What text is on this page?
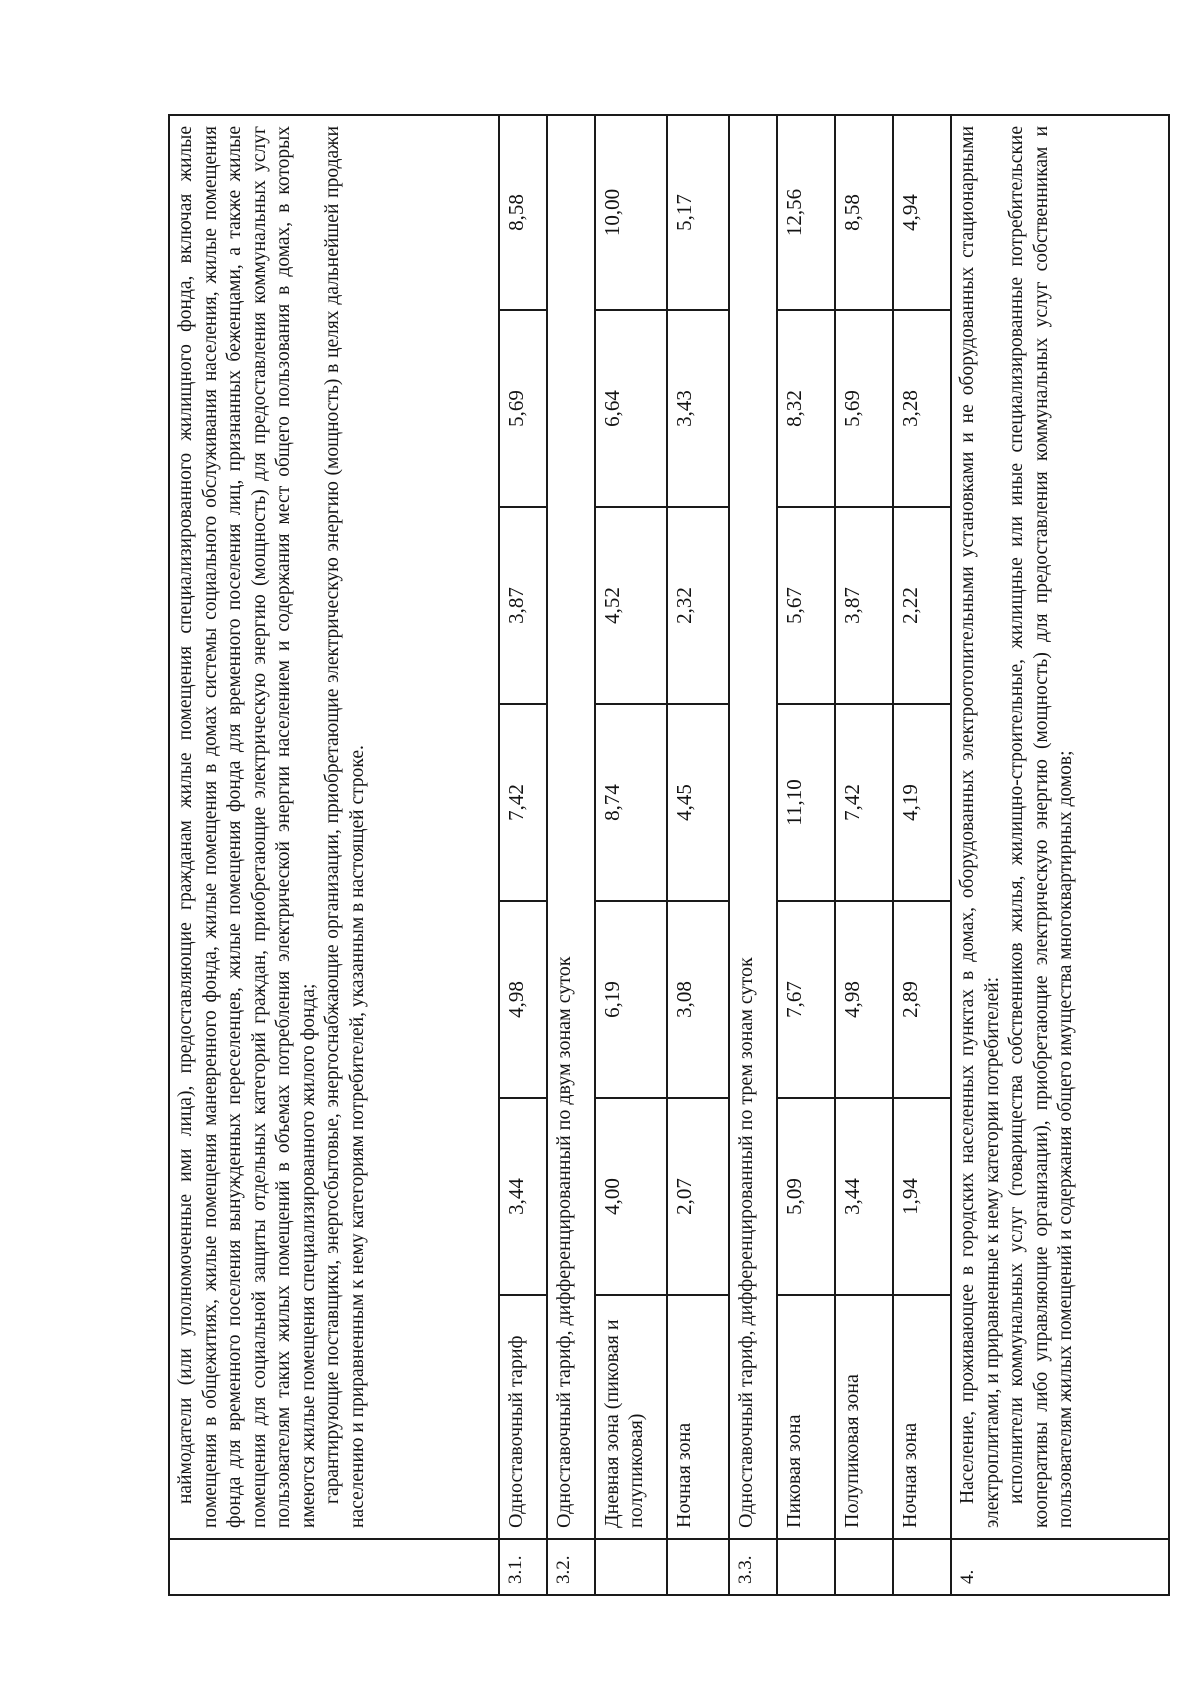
	наймодатели (или уполномоченные ими лица), предоставляющие гражданам жилые помещения специализированного жилищного фонда, включая жилые помещения в общежитиях, жилые помещения маневренного фонда, жилые помещения в домах системы социального обслуживания населения, жилые помещения фонда для временного поселения вынужденных переселенцев, жилые помещения фонда для временного поселения лиц, признанных беженцами, а также жилые помещения для социальной защиты отдельных категорий граждан, приобретающие электрическую энергию (мощность) для предоставления коммунальных услуг пользователям таких жилых помещений в объемах потребления электрической энергии населением и содержания мест общего пользования в домах, в которых имеются жилые помещения специализированного жилого фонда; гарантирующие поставщики, энергосбытовые, энергоснабжающие организации, приобретающие электрическую энергию (мощность) в целях дальнейшей продажи населению и приравненным к нему категориям потребителей, указанным в настоящей строке.						

3.1.	Одноставочный тариф	3,44	4,98	7,42	3,87	5,69	8,58
3.2.	Одноставочный тариф, дифференцированный по двум зонам суток						
	Дневная зона (пиковая и полупиковая)	4,00	6,19	8,74	4,52	6,64	10,00
	Ночная зона	2,07	3,08	4,45	2,32	3,43	5,17
3.3.	Одноставочный тариф, дифференцированный по трем зонам суток						
	Пиковая зона	5,09	7,67	11,10	5,67	8,32	12,56
	Полупиковая зона	3,44	4,98	7,42	3,87	5,69	8,58
	Ночная зона	1,94	2,89	4,19	2,22	3,28	4,94
4.	Население, проживающее в городских населенных пунктах в домах, оборудованных электроотопительными установками и не оборудованных стационарными электроплитами, и приравненные к нему категории потребителей: исполнители коммунальных услуг (товарищества собственников жилья, жилищно-строительные, жилищные или иные специализированные потребительские кооперативы либо управляющие организации), приобретающие электрическую энергию (мощность) для предоставления коммунальных услуг собственникам и пользователям жилых помещений и содержания общего имущества многоквартирных домов;						
